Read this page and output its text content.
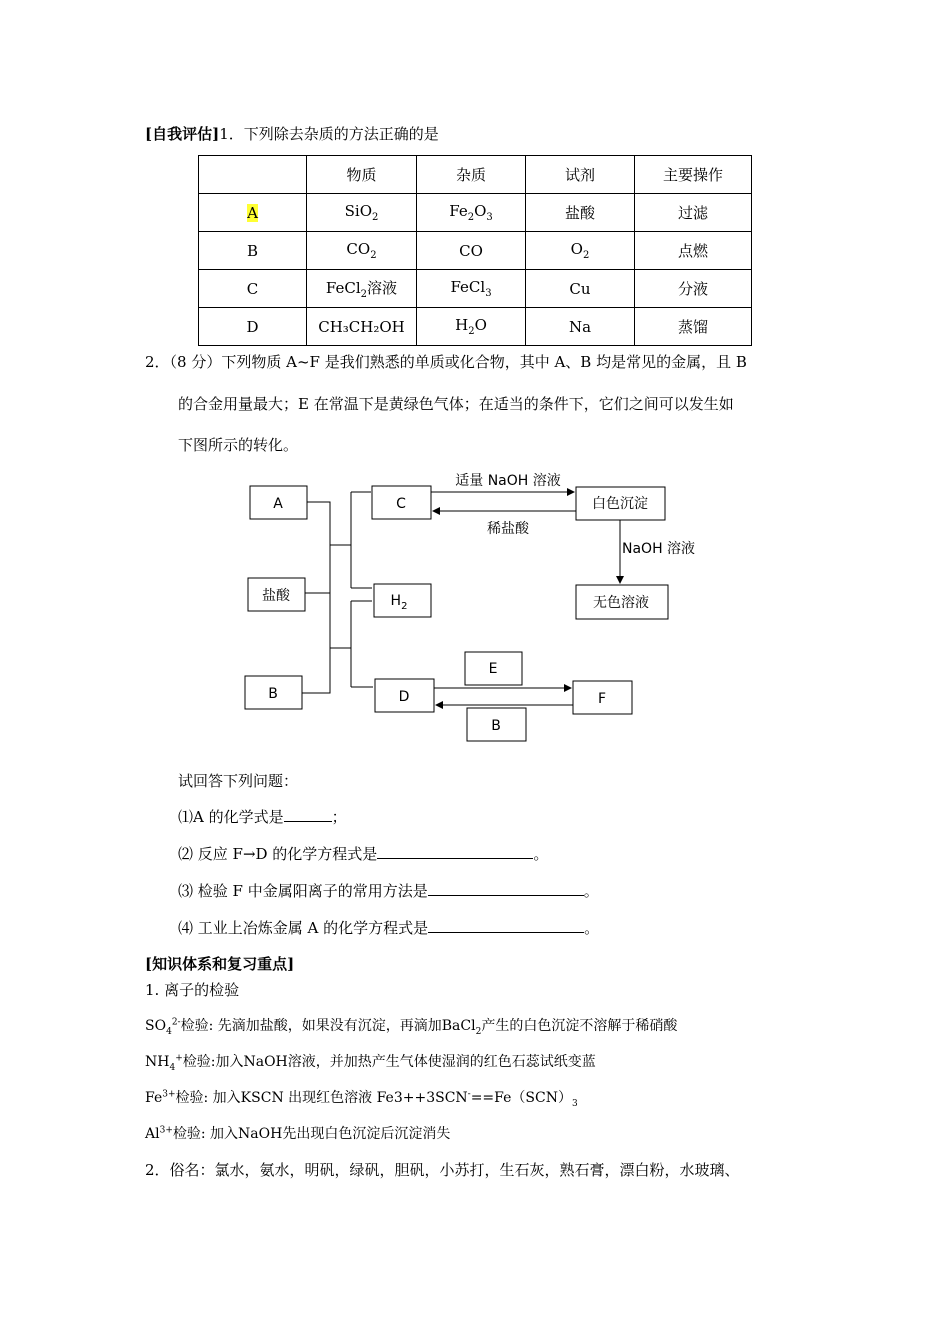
[自我评估]1．下列除去杂质的方法正确的是
	物质	杂质	试剂	主要操作
A	SiO$_2$	$Fe_2O_3$	盐酸	过滤
B	$CO_2$	CO	$O_2$	点燃
C	FeCl$_2$溶液	FeCl$_3$	Cu	分液
D	CH₃CH₂OH	$H_2O$	Na	蒸馏
2．（8 分）下列物质 A~F 是我们熟悉的单质或化合物，其中 A、B 均是常见的金属，且 B
的合金用量最大；E 在常温下是黄绿色气体；在适当的条件下，它们之间可以发生如
下图所示的转化。
A
盐酸
B
C
$H_2$
D
白色沉淀
无色溶液
E
F
B
适量 NaOH 溶液
稀盐酸
NaOH 溶液
试回答下列问题：
⑴A 的化学式是	；
⑵ 反应 F→D 的化学方程式是	。
⑶ 检验 F 中金属阳离子的常用方法是	。
⑷ 工业上冶炼金属 A 的化学方程式是	。
[知识体系和复习重点]
1. 离子的检验
$SO_4^{2-}$检验: 先滴加盐酸，如果没有沉淀，再滴加BaCl$_2$产生的白色沉淀不溶解于稀硝酸
$NH_4^+$检验:加入NaOH溶液，并加热产生气体使湿润的红色石蕊试纸变蓝
$Fe^{3+}$检验: 加入KSCN 出现红色溶液 $Fe3++3SCN^-==Fe(SCN)_3$
$Al^{3+}$检验: 加入NaOH先出现白色沉淀后沉淀消失
2．俗名：氯水，氨水，明矾，绿矾，胆矾，小苏打，生石灰，熟石膏，漂白粉，水玻璃、
